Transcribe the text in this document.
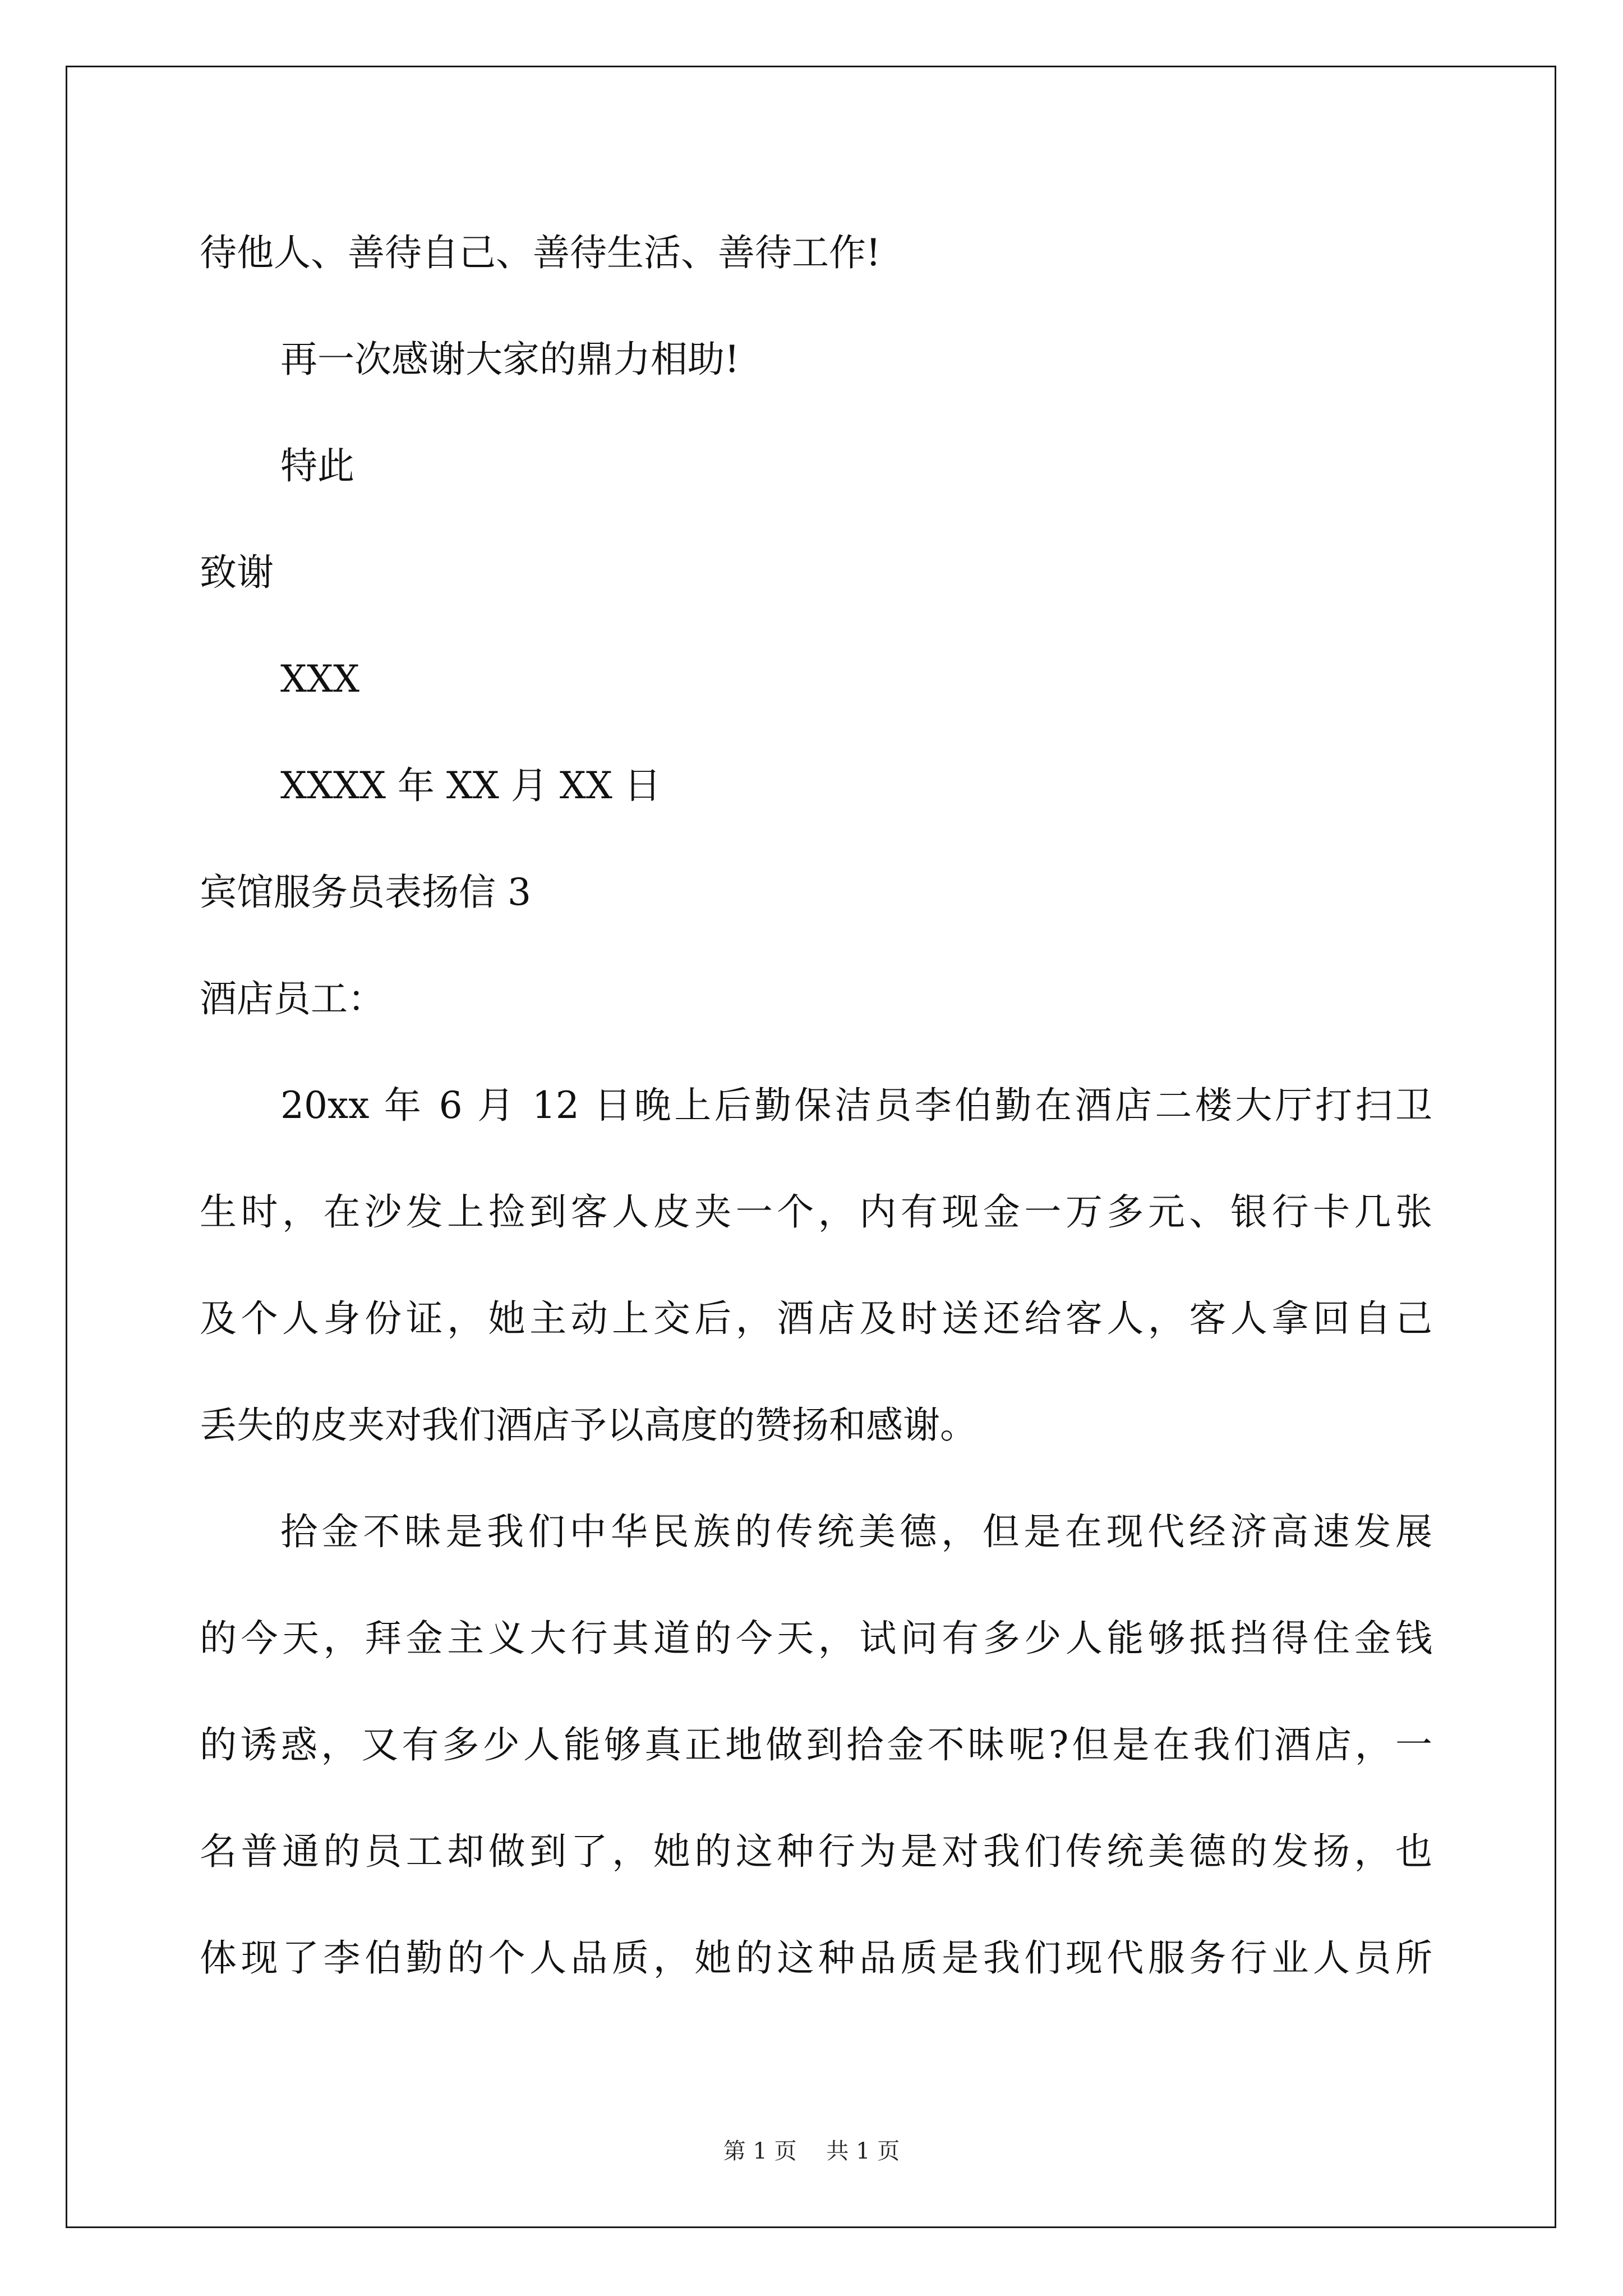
待他人、善待自己、善待生活、善待工作!
再一次感谢大家的鼎力相助!
特此
致谢
XXX
XXXX 年 XX 月 XX 日
宾馆服务员表扬信 3
酒店员工：
20xx 年 6 月 12 日晚上后勤保洁员李伯勤在酒店二楼大厅打扫卫
生时，在沙发上捡到客人皮夹一个，内有现金一万多元、银行卡几张
及个人身份证，她主动上交后，酒店及时送还给客人，客人拿回自己
丢失的皮夹对我们酒店予以高度的赞扬和感谢。
拾金不昧是我们中华民族的传统美德，但是在现代经济高速发展
的今天，拜金主义大行其道的今天，试问有多少人能够抵挡得住金钱
的诱惑，又有多少人能够真正地做到拾金不昧呢?但是在我们酒店，一
名普通的员工却做到了，她的这种行为是对我们传统美德的发扬，也
体现了李伯勤的个人品质，她的这种品质是我们现代服务行业人员所
第 1 页 共 1 页
